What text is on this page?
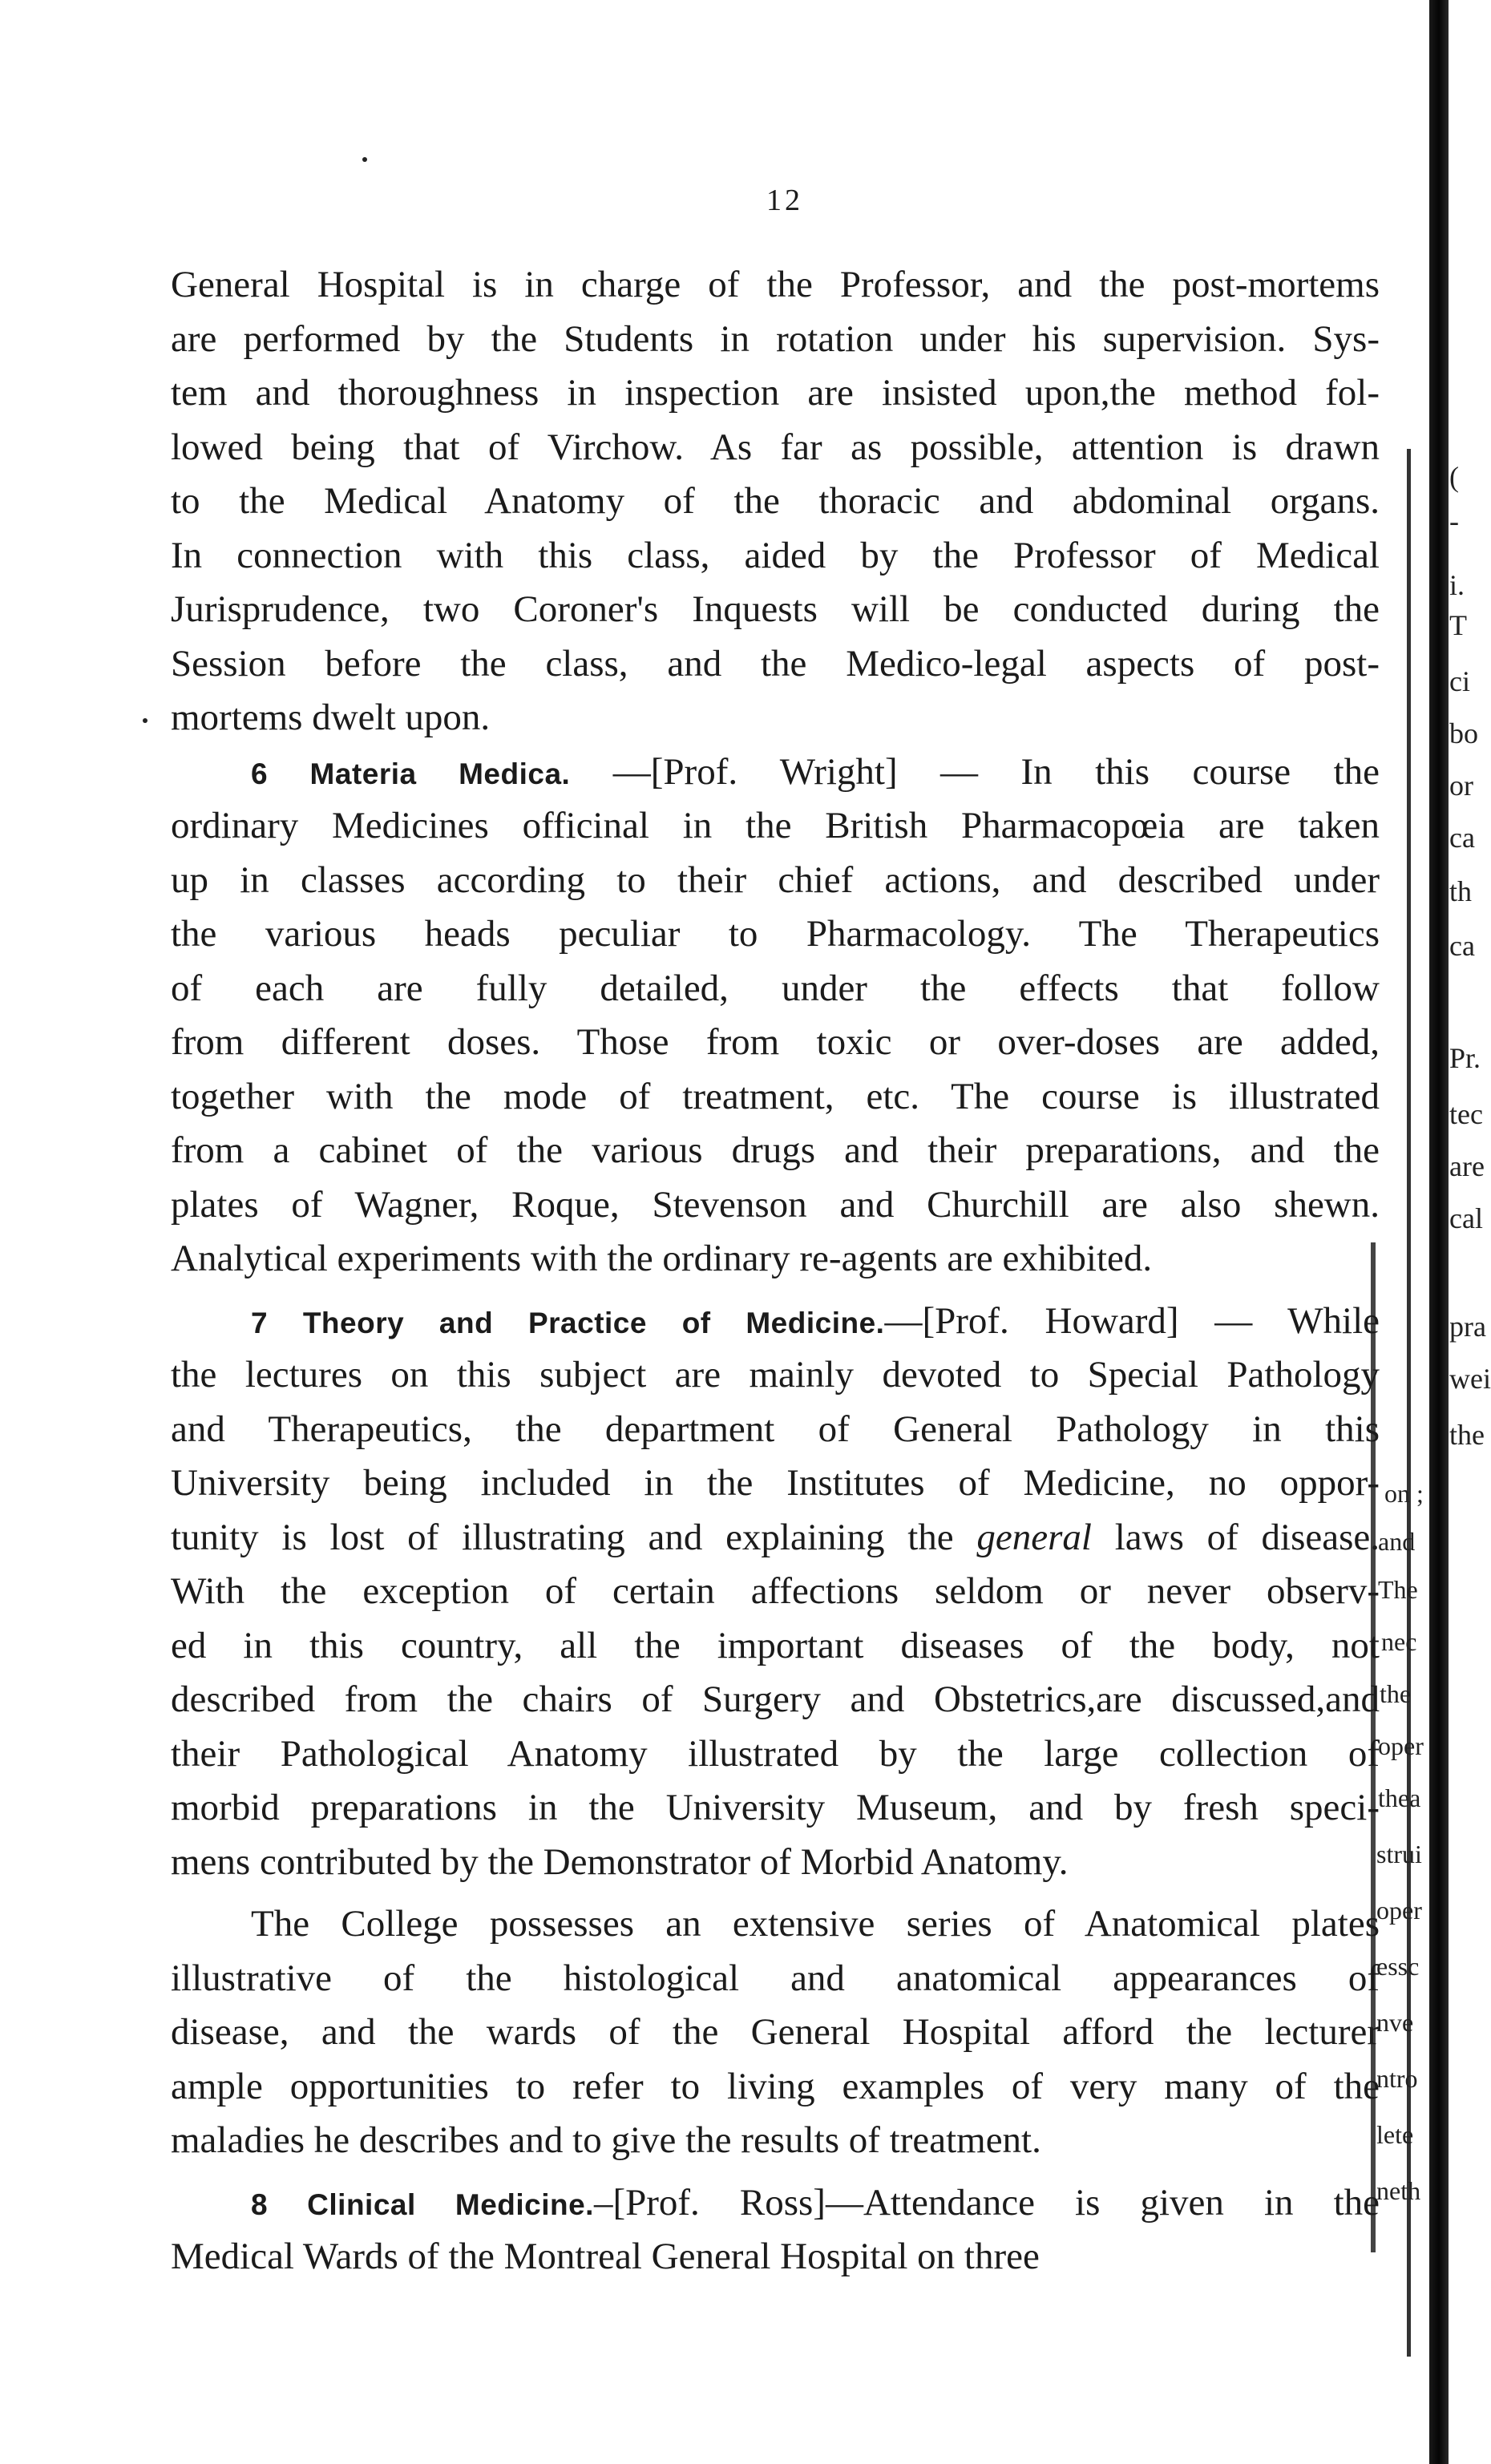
12
General Hospital is in charge of the Professor, and the post-mortems
are performed by the Students in rotation under his supervision. Sys-
tem and thoroughness in inspection are insisted upon,the method fol-
lowed being that of Virchow. As far as possible, attention is drawn
to the Medical Anatomy of the thoracic and abdominal organs.
In connection with this class, aided by the Professor of Medical
Jurisprudence, two Coroner's Inquests will be conducted during the
Session before the class, and the Medico-legal aspects of post-
mortems dwelt upon.
6 Materia Medica. —[Prof. Wright] — In this course the
ordinary Medicines officinal in the British Pharmacopœia are taken
up in classes according to their chief actions, and described under
the various heads peculiar to Pharmacology. The Therapeutics
of each are fully detailed, under the effects that follow
from different doses. Those from toxic or over-doses are added,
together with the mode of treatment, etc. The course is illustrated
from a cabinet of the various drugs and their preparations, and the
plates of Wagner, Roque, Stevenson and Churchill are also shewn.
Analytical experiments with the ordinary re-agents are exhibited.
7 Theory and Practice of Medicine.—[Prof. Howard] — While
the lectures on this subject are mainly devoted to Special Pathology
and Therapeutics, the department of General Pathology in this
University being included in the Institutes of Medicine, no oppor-
tunity is lost of illustrating and explaining the general laws of disease.
With the exception of certain affections seldom or never observ-
ed in this country, all the important diseases of the body, not
described from the chairs of Surgery and Obstetrics,are discussed,and
their Pathological Anatomy illustrated by the large collection of
morbid preparations in the University Museum, and by fresh speci-
mens contributed by the Demonstrator of Morbid Anatomy.
The College possesses an extensive series of Anatomical plates
illustrative of the histological and anatomical appearances of
disease, and the wards of the General Hospital afford the lecturer
ample opportunities to refer to living examples of very many of the
maladies he describes and to give the results of treatment.
8 Clinical Medicine.–[Prof. Ross]—Attendance is given in the
Medical Wards of the Montreal General Hospital on three
(
-
i.
T
ci
bo
or
ca
th
ca
Pr.
tec
are
cal
pra
wei
the
on ;
and
The
nec
the
oper
thea
strui
oper
essc
nve
ntro
lete
neth
